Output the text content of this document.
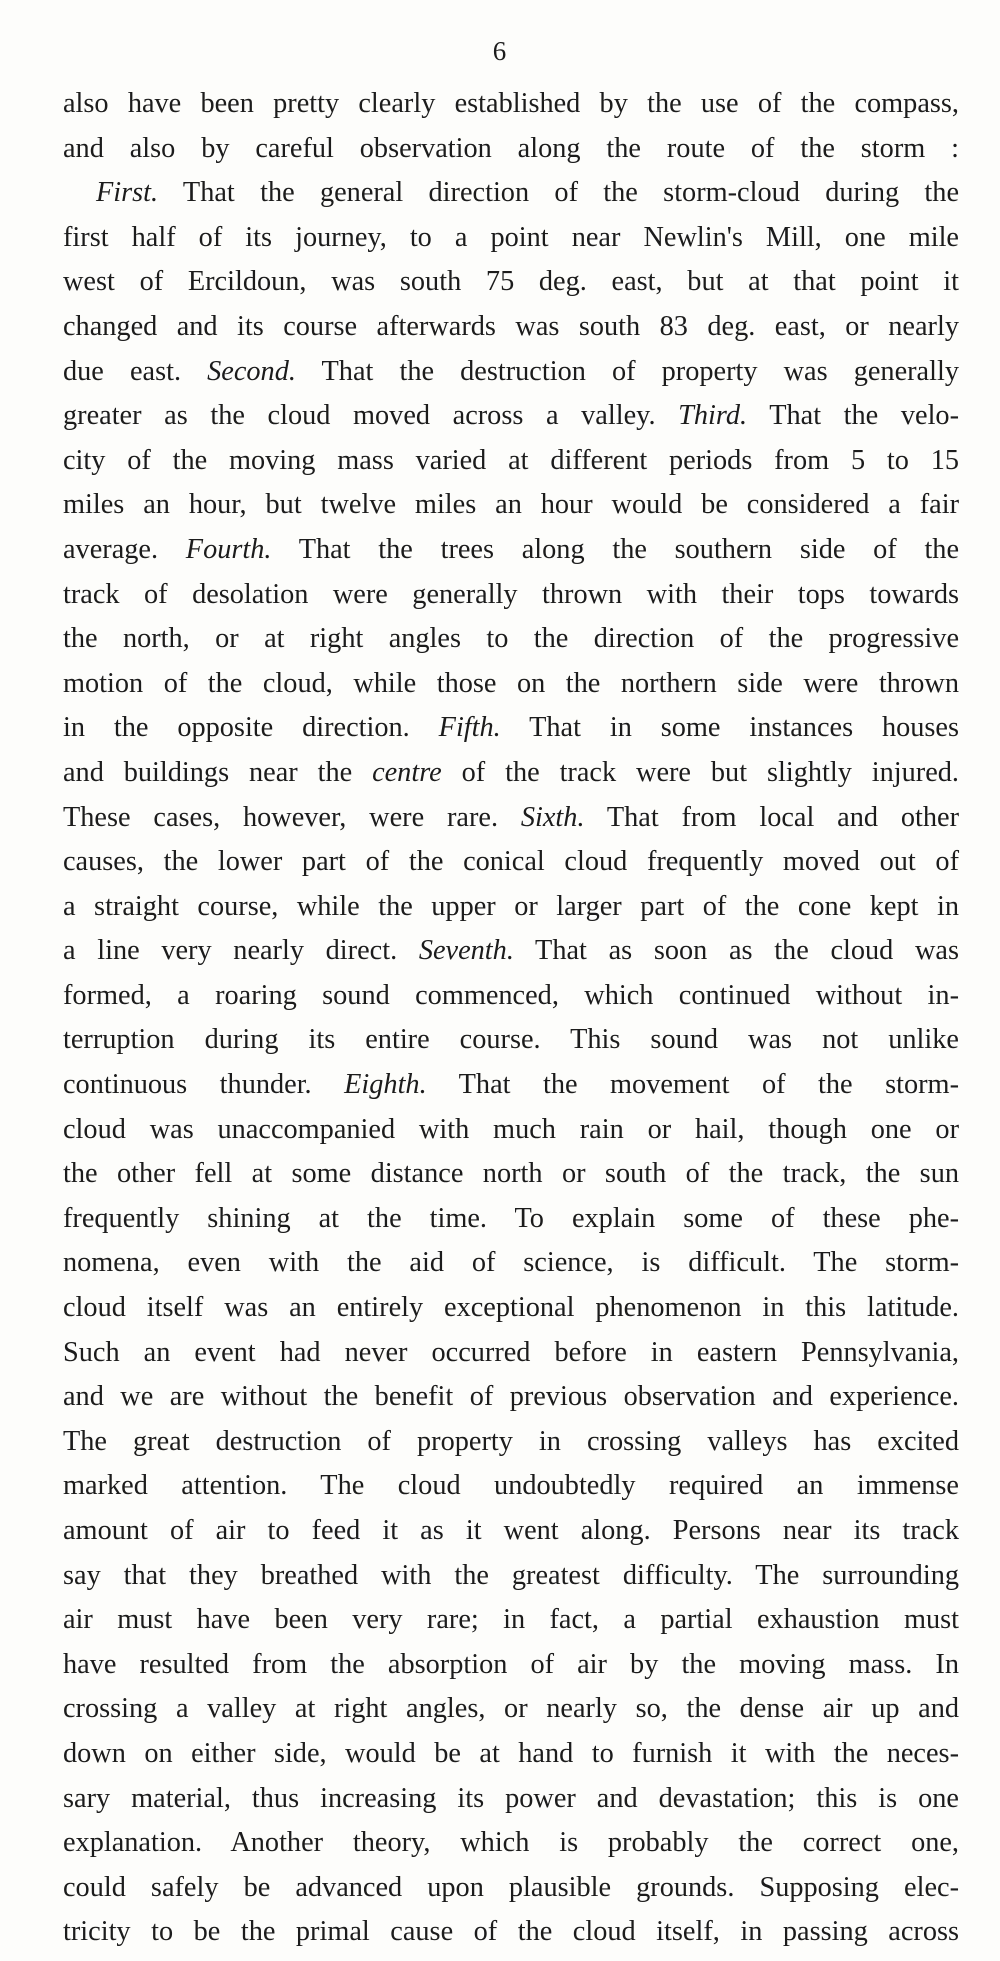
6
also have been pretty clearly established by the use of the compass,
and also by careful observation along the route of the storm :
First. That the general direction of the storm-cloud during the
first half of its journey, to a point near Newlin's Mill, one mile
west of Ercildoun, was south 75 deg. east, but at that point it
changed and its course afterwards was south 83 deg. east, or nearly
due east. Second. That the destruction of property was generally
greater as the cloud moved across a valley. Third. That the velo-
city of the moving mass varied at different periods from 5 to 15
miles an hour, but twelve miles an hour would be considered a fair
average. Fourth. That the trees along the southern side of the
track of desolation were generally thrown with their tops towards
the north, or at right angles to the direction of the progressive
motion of the cloud, while those on the northern side were thrown
in the opposite direction. Fifth. That in some instances houses
and buildings near the centre of the track were but slightly injured.
These cases, however, were rare. Sixth. That from local and other
causes, the lower part of the conical cloud frequently moved out of
a straight course, while the upper or larger part of the cone kept in
a line very nearly direct. Seventh. That as soon as the cloud was
formed, a roaring sound commenced, which continued without in-
terruption during its entire course. This sound was not unlike
continuous thunder. Eighth. That the movement of the storm-
cloud was unaccompanied with much rain or hail, though one or
the other fell at some distance north or south of the track, the sun
frequently shining at the time. To explain some of these phe-
nomena, even with the aid of science, is difficult. The storm-
cloud itself was an entirely exceptional phenomenon in this latitude.
Such an event had never occurred before in eastern Pennsylvania,
and we are without the benefit of previous observation and experience.
The great destruction of property in crossing valleys has excited
marked attention. The cloud undoubtedly required an immense
amount of air to feed it as it went along. Persons near its track
say that they breathed with the greatest difficulty. The surrounding
air must have been very rare; in fact, a partial exhaustion must
have resulted from the absorption of air by the moving mass. In
crossing a valley at right angles, or nearly so, the dense air up and
down on either side, would be at hand to furnish it with the neces-
sary material, thus increasing its power and devastation; this is one
explanation. Another theory, which is probably the correct one,
could safely be advanced upon plausible grounds. Supposing elec-
tricity to be the primal cause of the cloud itself, in passing across
